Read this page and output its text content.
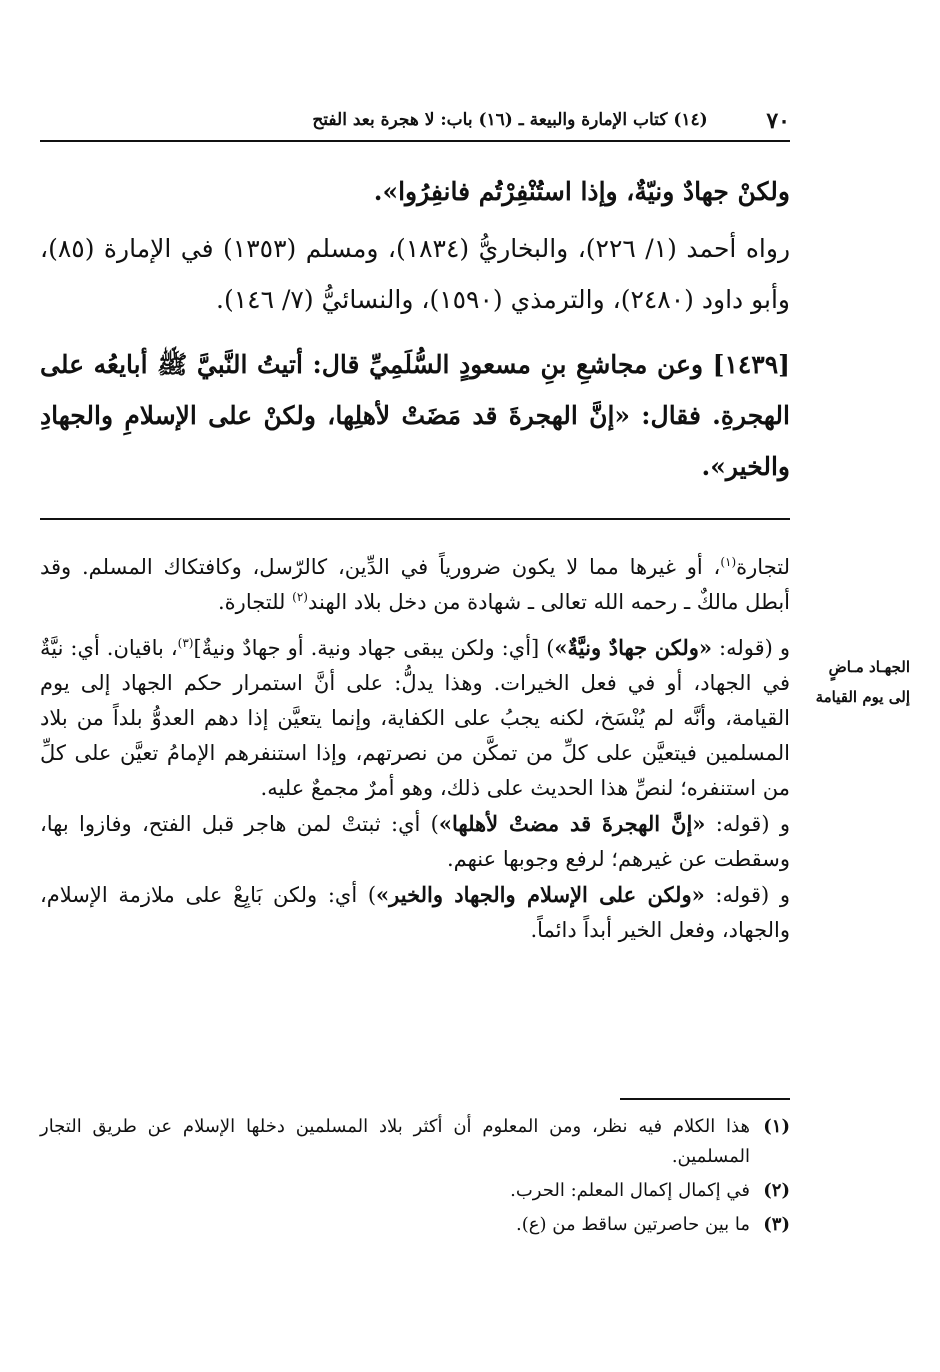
٧٠
(١٤) كتاب الإمارة والبيعة ـ (١٦) باب: لا هجرة بعد الفتح

ولكنْ جهادٌ ونيّةٌ، وإذا استُنْفِرْتُم فانفِرُوا».

رواه أحمد (١/ ٢٢٦)، والبخاريُّ (١٨٣٤)، ومسلم (١٣٥٣) في الإمارة (٨٥)، وأبو داود (٢٤٨٠)، والترمذي (١٥٩٠)، والنسائيُّ (٧/ ١٤٦).

[١٤٣٩] وعن مجاشعِ بنِ مسعودٍ السُّلَمِيِّ قال: أتيتُ النَّبيَّ ﷺ أبايعُه على الهجرةِ. فقال: «إنَّ الهجرةَ قد مَضَتْ لأهلِها، ولكنْ على الإسلامِ والجهادِ والخير».

لتجارة$^{(١)}$، أو غيرها مما لا يكون ضرورياً في الدِّين، كالرّسل، وكافتكاك المسلم. وقد أبطل مالكٌ ـ رحمه الله تعالى ـ شهادة من دخل بلاد الهند$^{(٢)}$ للتجارة.

و (قوله: «ولكن جهادٌ ونيَّةٌ») [أي: ولكن يبقى جهاد ونية. أو جهادٌ ونيةٌ]$^{(٣)}$، باقيان. أي: نيَّةٌ في الجهاد، أو في فعل الخيرات. وهذا يدلُّ: على أنَّ استمرار حكم الجهاد إلى يوم القيامة، وأنَّه لم يُنْسَخ، لكنه يجبُ على الكفاية، وإنما يتعيَّن إذا دهم العدوُّ بلداً من بلاد المسلمين فيتعيَّن على كلِّ من تمكَّن من نصرتهم، وإذا استنفرهم الإمامُ تعيَّن على كلِّ من استنفره؛ لنصِّ هذا الحديث على ذلك، وهو أمرٌ مجمعٌ عليه.

و (قوله: «إنَّ الهجرةَ قد مضتْ لأهلها») أي: ثبتتْ لمن هاجر قبل الفتح، وفازوا بها، وسقطت عن غيرهم؛ لرفع وجوبها عنهم.

و (قوله: «ولكن على الإسلام والجهاد والخير») أي: ولكن بَايِعْ على ملازمة الإسلام، والجهاد، وفعل الخير أبداً دائماً.

الجهـاد مـاضٍ
إلى يوم القيامة
(١)
هذا الكلام فيه نظر، ومن المعلوم أن أكثر بلاد المسلمين دخلها الإسلام عن طريق التجار المسلمين.
(٢)
في إكمال إكمال المعلم: الحرب.
(٣)
ما بين حاصرتين ساقط من (ع).
